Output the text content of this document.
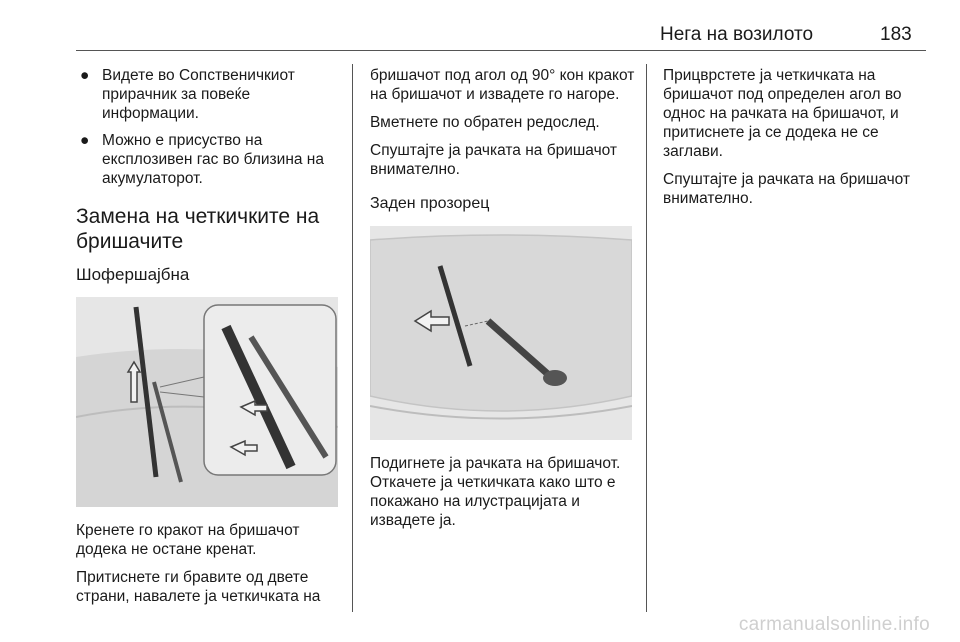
Нега на возилото	183
● Видете во Сопственичкиот прирачник за повеќе информации.
● Можно е присуство на експлозивен гас во близина на акумулаторот.
Замена на четкичките на бришачите
Шофершајбна

Кренете го кракот на бришачот додека не остане кренат.

Притиснете ги бравите од двете страни, навалете ја четкичката на

бришачот под агол од 90° кон кракот на бришачот и извадете го нагоре.

Вметнете по обратен редослед.

Спуштајте ја рачката на бришачот внимателно.

Заден прозорец

Подигнете ја рачката на бришачот. Откачете ја четкичката како што е покажано на илустрацијата и извадете ја.

Прицврстете ја четкичката на бришачот под определен агол во однос на рачката на бришачот, и притиснете ја се додека не се заглави.

Спуштајте ја рачката на бришачот внимателно.

carmanualsonline.info
